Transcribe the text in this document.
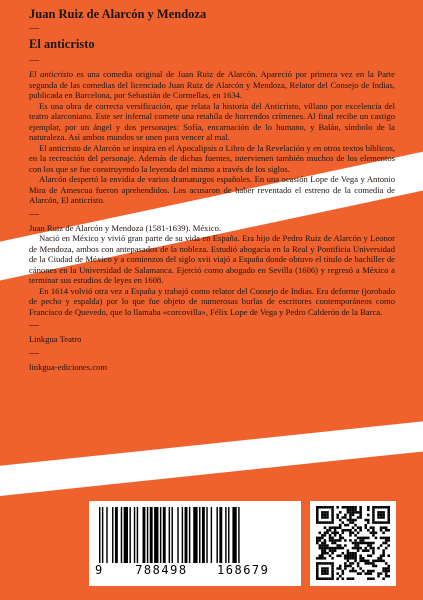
Juan Ruiz de Alarcón y Mendoza
—
El anticristo
—

El anticristo es una comedia original de Juan Ruiz de Alarcón. Apareció por primera vez en la Parte segunda de las comedias del licenciado Juan Ruiz de Alarcón y Mendoza, Relator del Consejo de Indias, publicada en Barcelona, por Sebastián de Cormellas, en 1634.

Es una obra de correcta versificación, que relata la historia del Anticristo, villano por excelencia del teatro alarconiano. Este ser infernal comete una retahíla de horrendos crímenes. Al final recibe un castigo ejemplar, por un ángel y dos personajes: Sofía, encarnación de lo humano, y Balán, símbolo de la naturaleza. Así ambos mundos se unen para vencer al mal.

El anticristo de Alarcón se inspira en el Apocalipsis o Libro de la Revelación y en otros textos bíblicos, en la recreación del personaje. Además de dichas fuentes, intervienen también muchos de los elementos con los que se fue construyendo la leyenda del mismo a través de los siglos.

Alarcón despertó la envidia de varios dramaturgos españoles. En una ocasión Lope de Vega y Antonio Mira de Amescua fueron aprehendidos. Los acusaron de haber reventado el estreno de la comedia de Alarcón, El anticristo.

—

Juan Ruiz de Alarcón y Mendoza (1581-1639). México.

Nació en México y vivió gran parte de su vida en España. Era hijo de Pedro Ruiz de Alarcón y Leonor de Mendoza, ambos con antepasados de la nobleza. Estudió abogacía en la Real y Pontificia Universidad de la Ciudad de México y a comienzos del siglo xvii viajó a España donde obtuvo el título de bachiller de cánones en la Universidad de Salamanca. Ejerció como abogado en Sevilla (1606) y regresó a México a terminar sus estudios de leyes en 1608.

En 1614 volvió otra vez a España y trabajó como relator del Consejo de Indias. Era deforme (jorobado de pecho y espalda) por lo que fue objeto de numerosas burlas de escritores contemporáneos como Francisco de Quevedo, que lo llamaba «corcovilla», Félix Lope de Vega y Pedro Calderón de la Barca.

—
Linkgua Teatro
—
linkgua-ediciones.com
9	788498 168679
